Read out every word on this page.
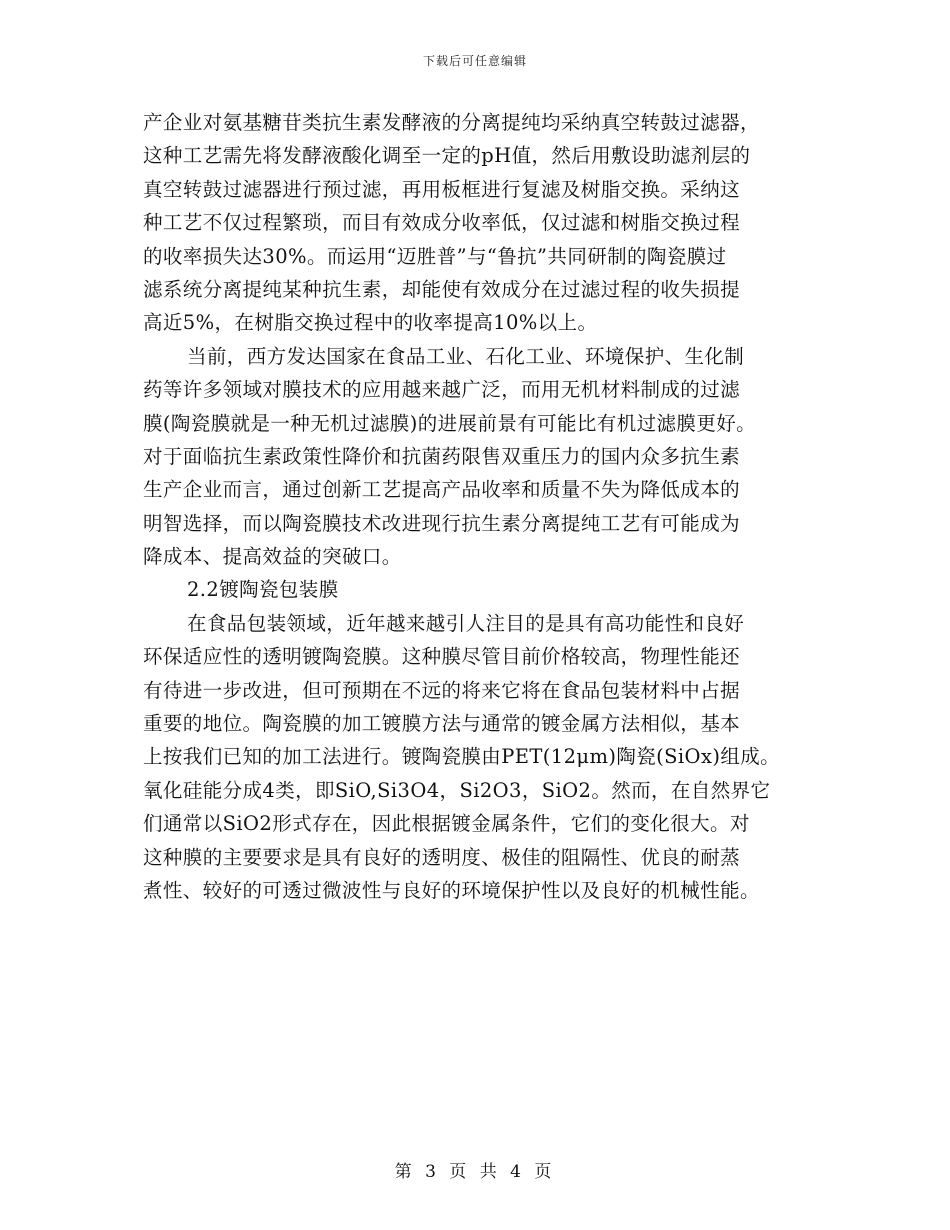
下载后可任意编辑
产企业对氨基糖苷类抗生素发酵液的分离提纯均采纳真空转鼓过滤器，
这种工艺需先将发酵液酸化调至一定的pH值，然后用敷设助滤剂层的
真空转鼓过滤器进行预过滤，再用板框进行复滤及树脂交换。采纳这
种工艺不仅过程繁琐，而目有效成分收率低，仅过滤和树脂交换过程
的收率损失达30%。而运用“迈胜普”与“鲁抗”共同研制的陶瓷膜过
滤系统分离提纯某种抗生素，却能使有效成分在过滤过程的收失损提
高近5%，在树脂交换过程中的收率提高10%以上。
当前，西方发达国家在食品工业、石化工业、环境保护、生化制
药等许多领域对膜技术的应用越来越广泛，而用无机材料制成的过滤
膜(陶瓷膜就是一种无机过滤膜)的进展前景有可能比有机过滤膜更好。
对于面临抗生素政策性降价和抗菌药限售双重压力的国内众多抗生素
生产企业而言，通过创新工艺提高产品收率和质量不失为降低成本的
明智选择，而以陶瓷膜技术改进现行抗生素分离提纯工艺有可能成为
降成本、提高效益的突破口。
2.2镀陶瓷包装膜
在食品包装领域，近年越来越引人注目的是具有高功能性和良好
环保适应性的透明镀陶瓷膜。这种膜尽管目前价格较高，物理性能还
有待进一步改进，但可预期在不远的将来它将在食品包装材料中占据
重要的地位。陶瓷膜的加工镀膜方法与通常的镀金属方法相似，基本
上按我们已知的加工法进行。镀陶瓷膜由PET(12μm)陶瓷(SiOx)组成。
氧化硅能分成4类，即SiO,Si3O4，Si2O3，SiO2。然而，在自然界它
们通常以SiO2形式存在，因此根据镀金属条件，它们的变化很大。对
这种膜的主要要求是具有良好的透明度、极佳的阻隔性、优良的耐蒸
煮性、较好的可透过微波性与良好的环境保护性以及良好的机械性能。
第 3 页 共 4 页
